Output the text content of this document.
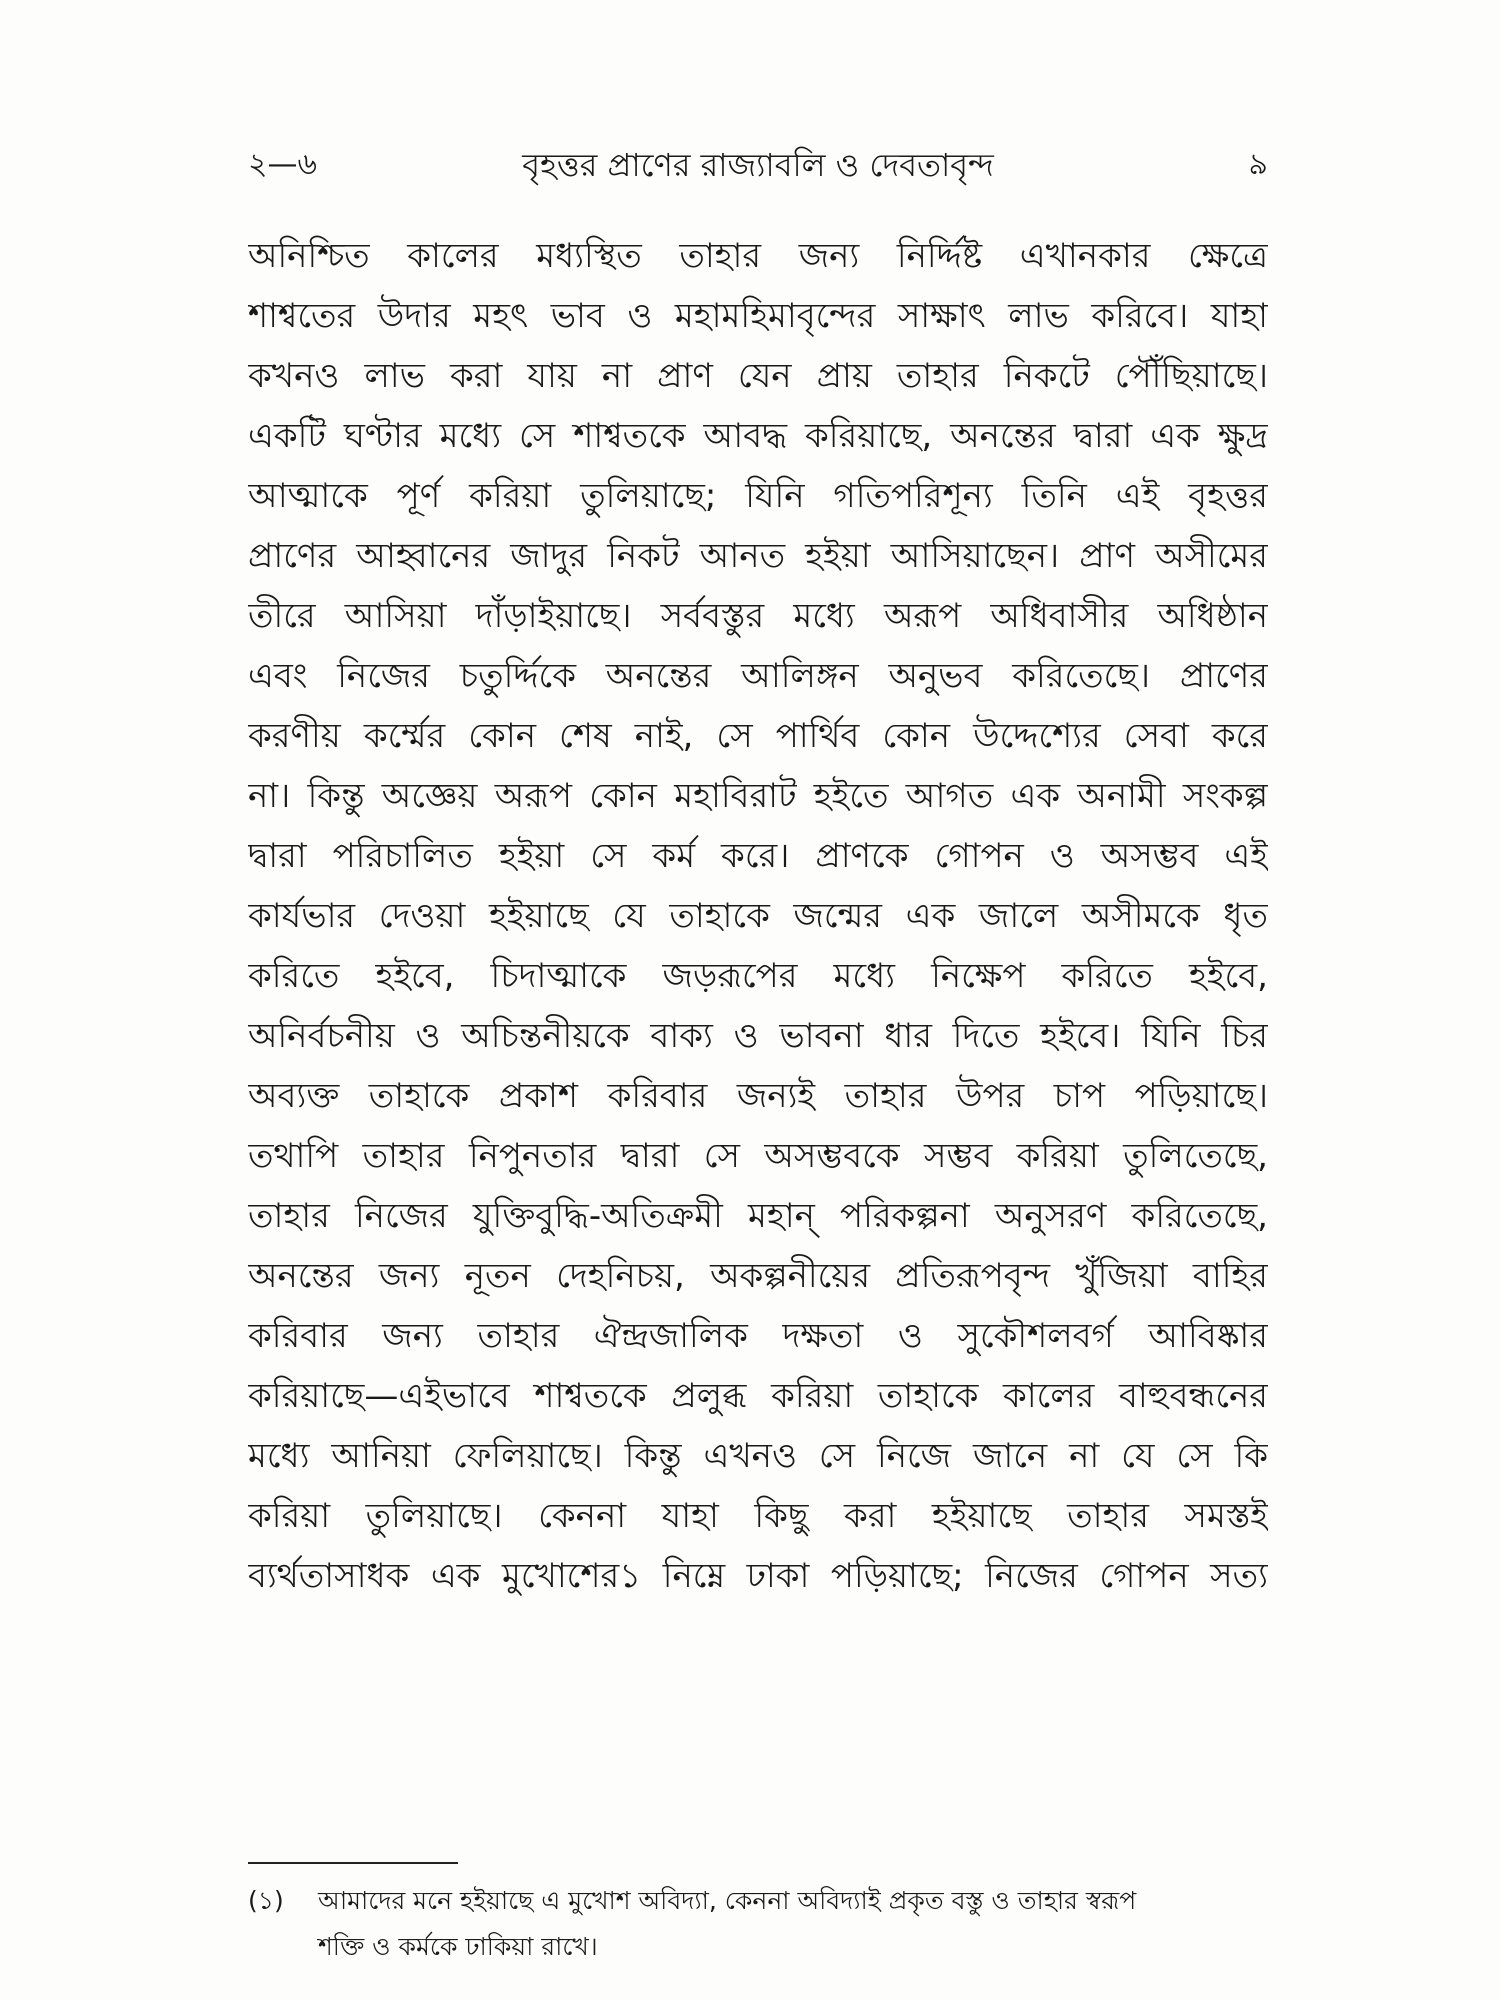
২—৬	বৃহত্তর প্রাণের রাজ্যাবলি ও দেবতাবৃন্দ	৯
অনিশ্চিত কালের মধ্যস্থিত তাহার জন্য নির্দ্দিষ্ট এখানকার ক্ষেত্রে
শাশ্বতের উদার মহৎ ভাব ও মহামহিমাবৃন্দের সাক্ষাৎ লাভ করিবে। যাহা
কখনও লাভ করা যায় না প্রাণ যেন প্রায় তাহার নিকটে পৌঁছিয়াছে।
একটি ঘণ্টার মধ্যে সে শাশ্বতকে আবদ্ধ করিয়াছে, অনন্তের দ্বারা এক ক্ষুদ্র
আত্মাকে পূর্ণ করিয়া তুলিয়াছে; যিনি গতিপরিশূন্য তিনি এই বৃহত্তর
প্রাণের আহ্বানের জাদুর নিকট আনত হইয়া আসিয়াছেন। প্রাণ অসীমের
তীরে আসিয়া দাঁড়াইয়াছে। সর্ববস্তুর মধ্যে অরূপ অধিবাসীর অধিষ্ঠান
এবং নিজের চতুর্দ্দিকে অনন্তের আলিঙ্গন অনুভব করিতেছে। প্রাণের
করণীয় কর্ম্মের কোন শেষ নাই, সে পার্থিব কোন উদ্দেশ্যের সেবা করে
না। কিন্তু অজ্ঞেয় অরূপ কোন মহাবিরাট হইতে আগত এক অনামী সংকল্প
দ্বারা পরিচালিত হইয়া সে কর্ম করে। প্রাণকে গোপন ও অসম্ভব এই
কার্যভার দেওয়া হইয়াছে যে তাহাকে জন্মের এক জালে অসীমকে ধৃত
করিতে হইবে, চিদাত্মাকে জড়রূপের মধ্যে নিক্ষেপ করিতে হইবে,
অনির্বচনীয় ও অচিন্তনীয়কে বাক্য ও ভাবনা ধার দিতে হইবে। যিনি চির
অব্যক্ত তাহাকে প্রকাশ করিবার জন্যই তাহার উপর চাপ পড়িয়াছে।
তথাপি তাহার নিপুনতার দ্বারা সে অসম্ভবকে সম্ভব করিয়া তুলিতেছে,
তাহার নিজের যুক্তিবুদ্ধি-অতিক্রমী মহান্ পরিকল্পনা অনুসরণ করিতেছে,
অনন্তের জন্য নূতন দেহনিচয়, অকল্পনীয়ের প্রতিরূপবৃন্দ খুঁজিয়া বাহির
করিবার জন্য তাহার ঐন্দ্রজালিক দক্ষতা ও সুকৌশলবর্গ আবিষ্কার
করিয়াছে—এইভাবে শাশ্বতকে প্রলুব্ধ করিয়া তাহাকে কালের বাহুবন্ধনের
মধ্যে আনিয়া ফেলিয়াছে। কিন্তু এখনও সে নিজে জানে না যে সে কি
করিয়া তুলিয়াছে। কেননা যাহা কিছু করা হইয়াছে তাহার সমস্তই
ব্যর্থতাসাধক এক মুখোশের১ নিম্নে ঢাকা পড়িয়াছে; নিজের গোপন সত্য
(১) আমাদের মনে হইয়াছে এ মুখোশ অবিদ্যা, কেননা অবিদ্যাই প্রকৃত বস্তু ও তাহার স্বরূপ
শক্তি ও কর্মকে ঢাকিয়া রাখে।
